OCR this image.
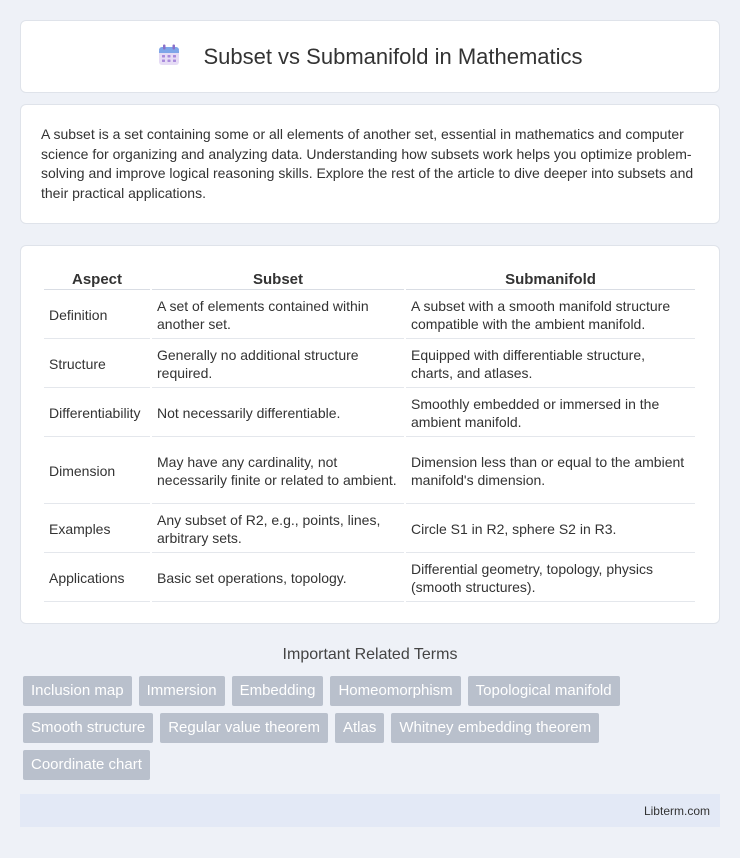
Subset vs Submanifold in Mathematics

A subset is a set containing some or all elements of another set, essential in mathematics and computer science for organizing and analyzing data. Understanding how subsets work helps you optimize problem-solving and improve logical reasoning skills. Explore the rest of the article to dive deeper into subsets and their practical applications.

Aspect	Subset	Submanifold
Definition	A set of elements contained within another set.	A subset with a smooth manifold structure compatible with the ambient manifold.
Structure	Generally no additional structure required.	Equipped with differentiable structure, charts, and atlases.
Differentiability	Not necessarily differentiable.	Smoothly embedded or immersed in the ambient manifold.
Dimension	May have any cardinality, not necessarily finite or related to ambient.	Dimension less than or equal to the ambient manifold's dimension.
Examples	Any subset of R2, e.g., points, lines, arbitrary sets.	Circle S1 in R2, sphere S2 in R3.
Applications	Basic set operations, topology.	Differential geometry, topology, physics (smooth structures).
Important Related Terms
Inclusion map	Immersion	Embedding	Homeomorphism	Topological manifold
Smooth structure	Regular value theorem	Atlas	Whitney embedding theorem
Coordinate chart
Libterm.com
